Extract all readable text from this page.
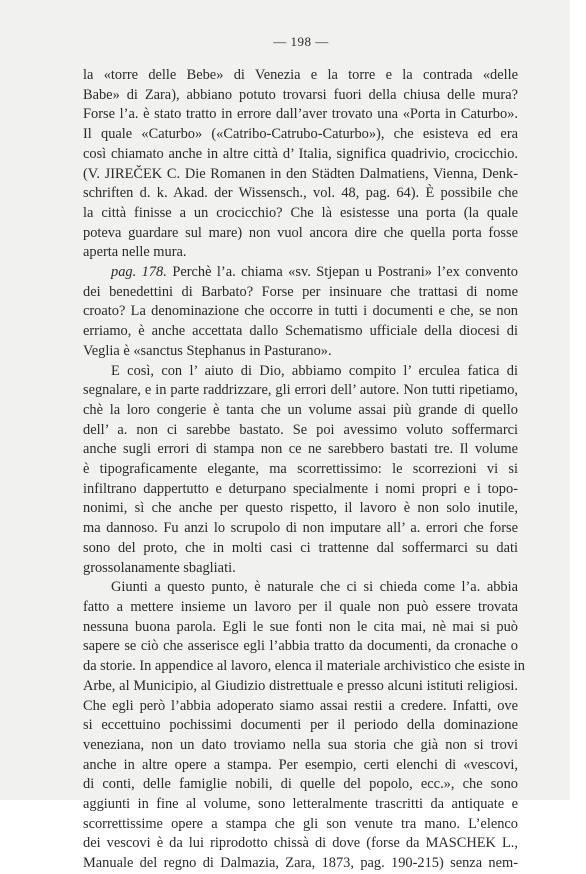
— 198 —
la «torre delle Bebe» di Venezia e la torre e la contrada «delle
Babe» di Zara), abbiano potuto trovarsi fuori della chiusa delle mura?
Forse l’a. è stato tratto in errore dall’aver trovato una «Porta in Caturbo».
Il quale «Caturbo» («Catribo-Catrubo-Caturbo»), che esisteva ed era
così chiamato anche in altre città d’ Italia, significa quadrivio, crocicchio.
(V. JIREČEK C. Die Romanen in den Städten Dalmatiens, Vienna, Denk-
schriften d. k. Akad. der Wissensch., vol. 48, pag. 64). È possibile che
la città finisse a un crocicchio? Che là esistesse una porta (la quale
poteva guardare sul mare) non vuol ancora dire che quella porta fosse
aperta nelle mura.
pag. 178. Perchè l’a. chiama «sv. Stjepan u Postrani» l’ex convento
dei benedettini di Barbato? Forse per insinuare che trattasi di nome
croato? La denominazione che occorre in tutti i documenti e che, se non
erriamo, è anche accettata dallo Schematismo ufficiale della diocesi di
Veglia è «sanctus Stephanus in Pasturano».
E così, con l’ aiuto di Dio, abbiamo compito l’ erculea fatica di
segnalare, e in parte raddrizzare, gli errori dell’ autore. Non tutti ripetiamo,
chè la loro congerie è tanta che un volume assai più grande di quello
dell’ a. non ci sarebbe bastato. Se poi avessimo voluto soffermarci
anche sugli errori di stampa non ce ne sarebbero bastati tre. Il volume
è tipograficamente elegante, ma scorrettissimo: le scorrezioni vi si
infiltrano dappertutto e deturpano specialmente i nomi propri e i topo-
nonimi, sì che anche per questo rispetto, il lavoro è non solo inutile,
ma dannoso. Fu anzi lo scrupolo di non imputare all’ a. errori che forse
sono del proto, che in molti casi ci trattenne dal soffermarci su dati
grossolanamente sbagliati.
Giunti a questo punto, è naturale che ci si chieda come l’a. abbia
fatto a mettere insieme un lavoro per il quale non può essere trovata
nessuna buona parola. Egli le sue fonti non le cita mai, nè mai si può
sapere se ciò che asserisce egli l’abbia tratto da documenti, da cronache o
da storie. In appendice al lavoro, elenca il materiale archivistico che esiste in
Arbe, al Municipio, al Giudizio distrettuale e presso alcuni istituti religiosi.
Che egli però l’abbia adoperato siamo assai restii a credere. Infatti, ove
si eccettuino pochissimi documenti per il periodo della dominazione
veneziana, non un dato troviamo nella sua storia che già non si trovi
anche in altre opere a stampa. Per esempio, certi elenchi di «vescovi,
di conti, delle famiglie nobili, di quelle del popolo, ecc.», che sono
aggiunti in fine al volume, sono letteralmente trascritti da antiquate e
scorrettissime opere a stampa che gli son venute tra mano. L’elenco
dei vescovi è da lui riprodotto chissà di dove (forse da MASCHEK L.,
Manuale del regno di Dalmazia, Zara, 1873, pag. 190-215) senza nem-
